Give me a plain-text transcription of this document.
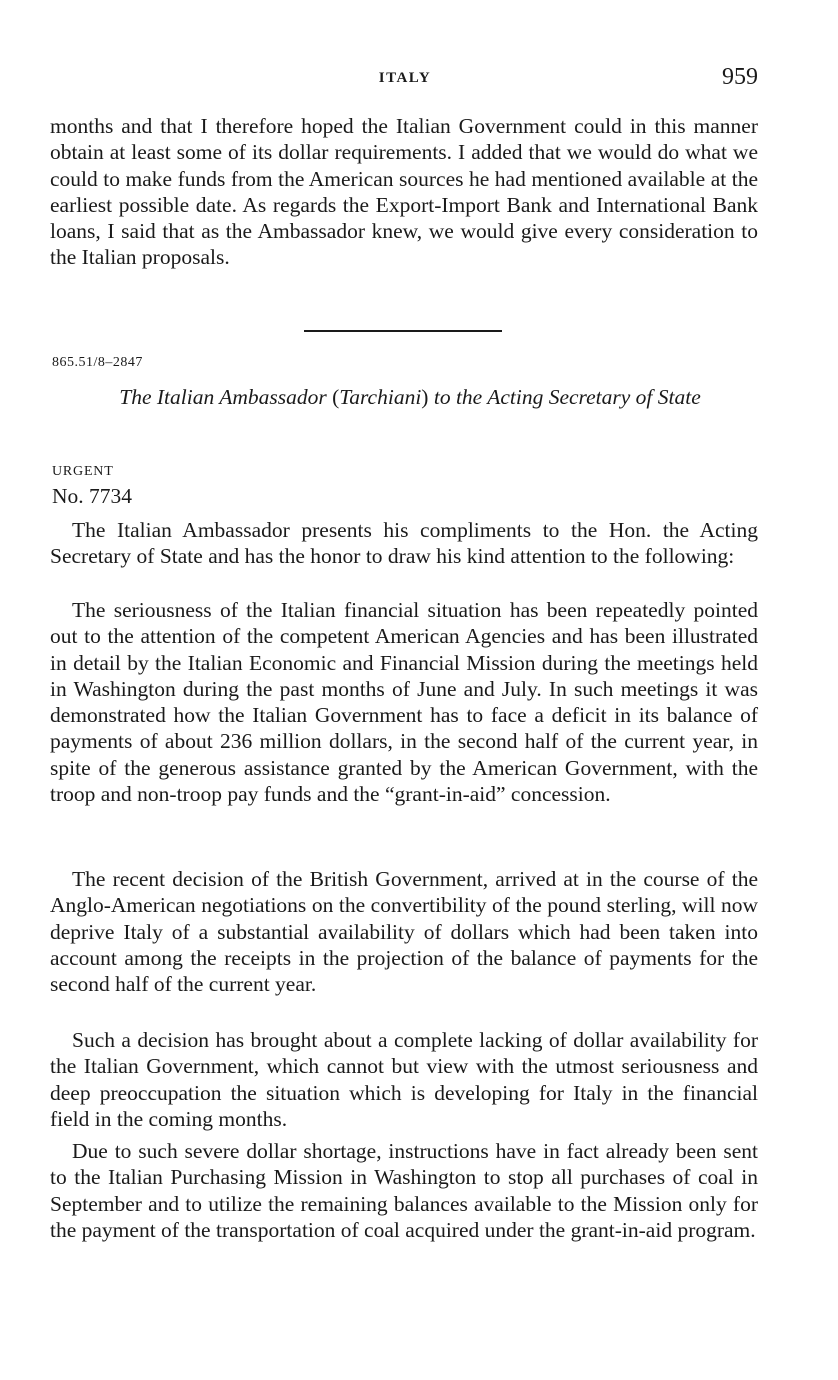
ITALY	959

months and that I therefore hoped the Italian Government could in this manner obtain at least some of its dollar requirements. I added that we would do what we could to make funds from the American sources he had mentioned available at the earliest possible date. As regards the Export-Import Bank and International Bank loans, I said that as the Ambassador knew, we would give every consideration to the Italian proposals.

865.51/8–2847
The Italian Ambassador (Tarchiani) to the Acting Secretary of State
URGENT
No. 7734

The Italian Ambassador presents his compliments to the Hon. the Acting Secretary of State and has the honor to draw his kind attention to the following:

The seriousness of the Italian financial situation has been repeatedly pointed out to the attention of the competent American Agencies and has been illustrated in detail by the Italian Economic and Financial Mission during the meetings held in Washington during the past months of June and July. In such meetings it was demonstrated how the Italian Government has to face a deficit in its balance of payments of about 236 million dollars, in the second half of the current year, in spite of the generous assistance granted by the American Government, with the troop and non-troop pay funds and the “grant-in-aid” concession.

The recent decision of the British Government, arrived at in the course of the Anglo-American negotiations on the convertibility of the pound sterling, will now deprive Italy of a substantial availability of dollars which had been taken into account among the receipts in the projection of the balance of payments for the second half of the current year.

Such a decision has brought about a complete lacking of dollar availability for the Italian Government, which cannot but view with the utmost seriousness and deep preoccupation the situation which is developing for Italy in the financial field in the coming months.

Due to such severe dollar shortage, instructions have in fact already been sent to the Italian Purchasing Mission in Washington to stop all purchases of coal in September and to utilize the remaining balances available to the Mission only for the payment of the transportation of coal acquired under the grant-in-aid program.
